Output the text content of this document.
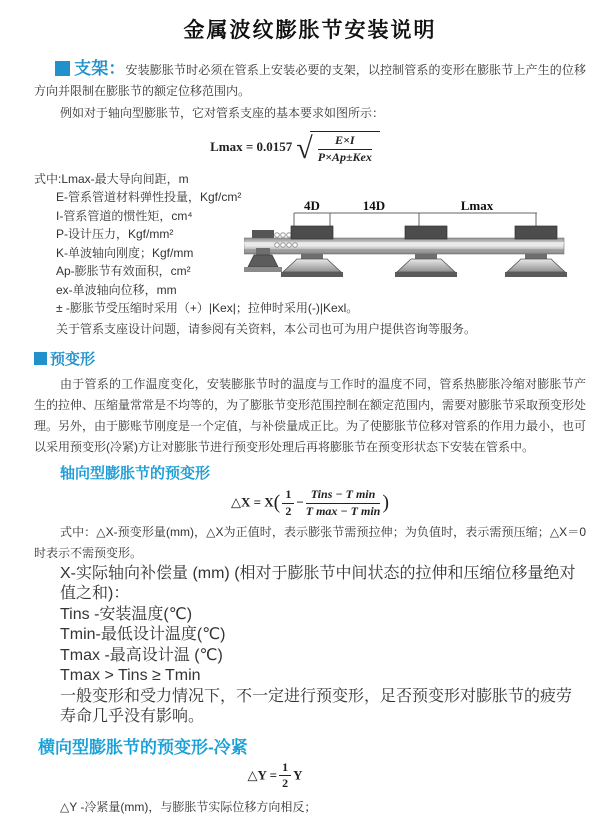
金属波纹膨胀节安装说明

支架：安装膨胀节时必须在管系上安装必要的支架，以控制管系的变形在膨胀节上产生的位移方向并限制在膨胀节的额定位移范围内。

例如对于轴向型膨胀节，它对管系支座的基本要求如图所示：

Lmax = 0.0157 √ $\frac{E\times I}{\text{P×Ap±Kex}}$
式中:Lmax-最大导向间距，m
E-管系管道材料弹性投量，Kgf/cm²
I-管系管道的惯性矩，cm⁴
P-设计压力，Kgf/mm²
K-单波轴向刚度；Kgf/mm
Ap-膨胀节有效面积，cm²
ex-单波轴向位移，mm
± -膨胀节受压缩时采用（+）|Kex|；拉伸时采用(-)|Kexl。
关于管系支座设计问题，请参阅有关资料，本公司也可为用户提供咨询等服务。
4D	14D	Lmax
预变形

由于管系的工作温度变化，安装膨胀节时的温度与工作时的温度不同，管系热膨胀冷缩对膨胀节产生的拉伸、压缩量常常是不均等的，为了膨胀节变形范围控制在额定范围内，需要对膨胀节采取预变形处理。另外，由于膨账节刚度是一个定值，与补偿量成正比。为了使膨胀节位移对管系的作用力最小，也可以采用预变形(冷紧)方让对膨胀节进行预变形处理后再将膨胀节在预变形状态下安装在管系中。

轴向型膨胀节的预变形
△X = $X( \frac{1}{2} - \frac{\text{Tins − T min}}{\text{T max − T min}}$ )

式中：△X-预变形量(mm)，△X为正值时，表示膨张节需预拉伸；为负值时，表示需预压缩；△X＝0时表示不需预变形。

X-实际轴向补偿量 (mm) (相对于膨胀节中间状态的拉伸和压缩位移量绝对值之和)：
Tins -安装温度(℃)
Tmin-最低设计温度(℃)
Tmax -最高设计温 (℃)
Tmax > Tins ≥ Tmin
一般变形和受力情况下，不一定进行预变形，足否预变形对膨胀节的疲劳寿命几乎没有影响。
横向型膨胀节的预变形-冷紧
△Y = $\frac{1}{2}$ Y
△Y -冷紧量(mm)，与膨胀节实际位移方向相反；
